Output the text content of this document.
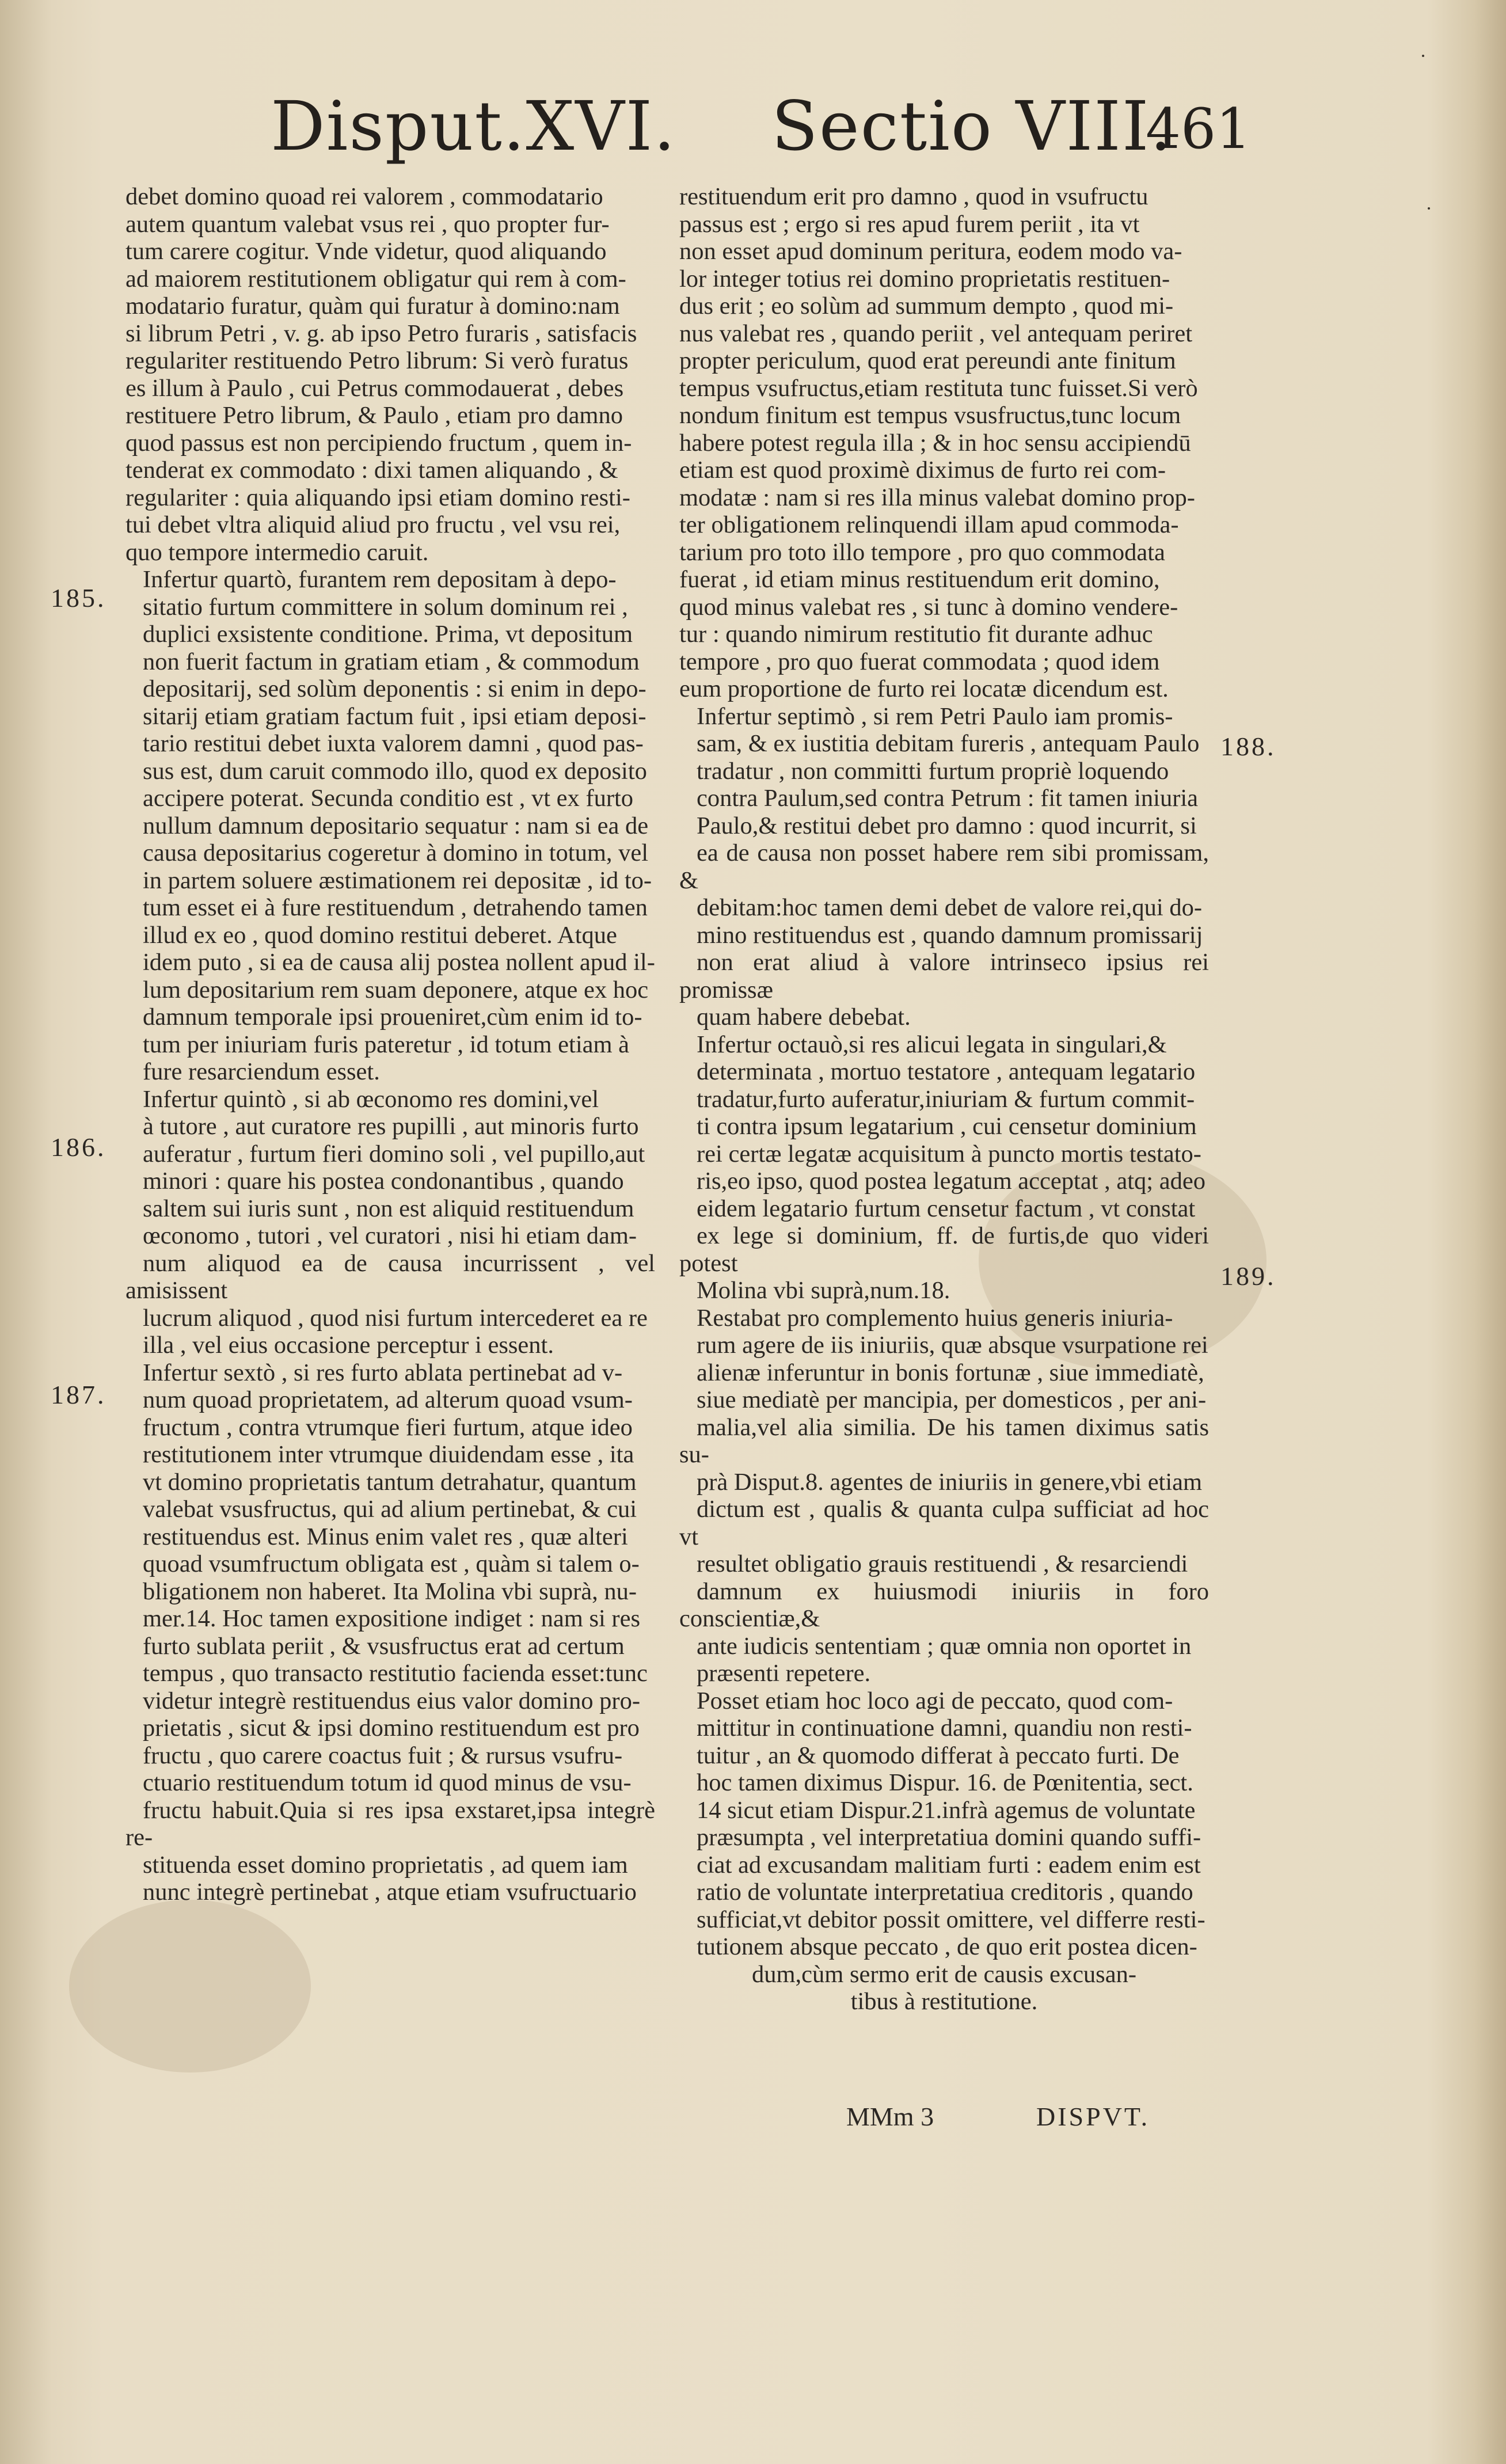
Disput.XVI. Sectio VIII.
461
debet domino quoad rei valorem , commodatario
autem quantum valebat vsus rei , quo propter fur-
tum carere cogitur. Vnde videtur, quod aliquando
ad maiorem restitutionem obligatur qui rem à com-
modatario furatur, quàm qui furatur à domino:nam
si librum Petri , v. g. ab ipso Petro furaris , satisfacis
regulariter restituendo Petro librum: Si verò furatus
es illum à Paulo , cui Petrus commodauerat , debes
restituere Petro librum, & Paulo , etiam pro damno
quod passus est non percipiendo fructum , quem in-
tenderat ex commodato : dixi tamen aliquando , &
regulariter : quia aliquando ipsi etiam domino resti-
tui debet vltra aliquid aliud pro fructu , vel vsu rei,
quo tempore intermedio caruit.
Infertur quartò, furantem rem depositam à depo-
sitatio furtum committere in solum dominum rei ,
duplici exsistente conditione. Prima, vt depositum
non fuerit factum in gratiam etiam , & commodum
depositarij, sed solùm deponentis : si enim in depo-
sitarij etiam gratiam factum fuit , ipsi etiam deposi-
tario restitui debet iuxta valorem damni , quod pas-
sus est, dum caruit commodo illo, quod ex deposito
accipere poterat. Secunda conditio est , vt ex furto
nullum damnum depositario sequatur : nam si ea de
causa depositarius cogeretur à domino in totum, vel
in partem soluere æstimationem rei depositæ , id to-
tum esset ei à fure restituendum , detrahendo tamen
illud ex eo , quod domino restitui deberet. Atque
idem puto , si ea de causa alij postea nollent apud il-
lum depositarium rem suam deponere, atque ex hoc
damnum temporale ipsi proueniret,cùm enim id to-
tum per iniuriam furis pateretur , id totum etiam à
fure resarciendum esset.
Infertur quintò , si ab œconomo res domini,vel
à tutore , aut curatore res pupilli , aut minoris furto
auferatur , furtum fieri domino soli , vel pupillo,aut
minori : quare his postea condonantibus , quando
saltem sui iuris sunt , non est aliquid restituendum
œconomo , tutori , vel curatori , nisi hi etiam dam-
num aliquod ea de causa incurrissent , vel amisissent
lucrum aliquod , quod nisi furtum intercederet ea re
illa , vel eius occasione perceptur i essent.
Infertur sextò , si res furto ablata pertinebat ad v-
num quoad proprietatem, ad alterum quoad vsum-
fructum , contra vtrumque fieri furtum, atque ideo
restitutionem inter vtrumque diuidendam esse , ita
vt domino proprietatis tantum detrahatur, quantum
valebat vsusfructus, qui ad alium pertinebat, & cui
restituendus est. Minus enim valet res , quæ alteri
quoad vsumfructum obligata est , quàm si talem o-
bligationem non haberet. Ita Molina vbi suprà, nu-
mer.14. Hoc tamen expositione indiget : nam si res
furto sublata periit , & vsusfructus erat ad certum
tempus , quo transacto restitutio facienda esset:tunc
videtur integrè restituendus eius valor domino pro-
prietatis , sicut & ipsi domino restituendum est pro
fructu , quo carere coactus fuit ; & rursus vsufru-
ctuario restituendum totum id quod minus de vsu-
fructu habuit.Quia si res ipsa exstaret,ipsa integrè re-
stituenda esset domino proprietatis , ad quem iam
nunc integrè pertinebat , atque etiam vsufructuario
restituendum erit pro damno , quod in vsufructu
passus est ; ergo si res apud furem periit , ita vt
non esset apud dominum peritura, eodem modo va-
lor integer totius rei domino proprietatis restituen-
dus erit ; eo solùm ad summum dempto , quod mi-
nus valebat res , quando periit , vel antequam periret
propter periculum, quod erat pereundi ante finitum
tempus vsufructus,etiam restituta tunc fuisset.Si verò
nondum finitum est tempus vsusfructus,tunc locum
habere potest regula illa ; & in hoc sensu accipiendū
etiam est quod proximè diximus de furto rei com-
modatæ : nam si res illa minus valebat domino prop-
ter obligationem relinquendi illam apud commoda-
tarium pro toto illo tempore , pro quo commodata
fuerat , id etiam minus restituendum erit domino,
quod minus valebat res , si tunc à domino vendere-
tur : quando nimirum restitutio fit durante adhuc
tempore , pro quo fuerat commodata ; quod idem
eum proportione de furto rei locatæ dicendum est.
Infertur septimò , si rem Petri Paulo iam promis-
sam, & ex iustitia debitam fureris , antequam Paulo
tradatur , non committi furtum propriè loquendo
contra Paulum,sed contra Petrum : fit tamen iniuria
Paulo,& restitui debet pro damno : quod incurrit, si
ea de causa non posset habere rem sibi promissam, &
debitam:hoc tamen demi debet de valore rei,qui do-
mino restituendus est , quando damnum promissarij
non erat aliud à valore intrinseco ipsius rei promissæ
quam habere debebat.
Infertur octauò,si res alicui legata in singulari,&
determinata , mortuo testatore , antequam legatario
tradatur,furto auferatur,iniuriam & furtum commit-
ti contra ipsum legatarium , cui censetur dominium
rei certæ legatæ acquisitum à puncto mortis testato-
ris,eo ipso, quod postea legatum acceptat , atq; adeo
eidem legatario furtum censetur factum , vt constat
ex lege si dominium, ff. de furtis,de quo videri potest
Molina vbi suprà,num.18.
Restabat pro complemento huius generis iniuria-
rum agere de iis iniuriis, quæ absque vsurpatione rei
alienæ inferuntur in bonis fortunæ , siue immediatè,
siue mediatè per mancipia, per domesticos , per ani-
malia,vel alia similia. De his tamen diximus satis su-
prà Disput.8. agentes de iniuriis in genere,vbi etiam
dictum est , qualis & quanta culpa sufficiat ad hoc vt
resultet obligatio grauis restituendi , & resarciendi
damnum ex huiusmodi iniuriis in foro conscientiæ,&
ante iudicis sententiam ; quæ omnia non oportet in
præsenti repetere.
Posset etiam hoc loco agi de peccato, quod com-
mittitur in continuatione damni, quandiu non resti-
tuitur , an & quomodo differat à peccato furti. De
hoc tamen diximus Dispur. 16. de Pœnitentia, sect.
14 sicut etiam Dispur.21.infrà agemus de voluntate
præsumpta , vel interpretatiua domini quando suffi-
ciat ad excusandam malitiam furti : eadem enim est
ratio de voluntate interpretatiua creditoris , quando
sufficiat,vt debitor possit omittere, vel differre resti-
tutionem absque peccato , de quo erit postea dicen-
dum,cùm sermo erit de causis excusan-
tibus à restitutione.
185.
186.
187.
188.
189.
MMm 3	DISPVT.
